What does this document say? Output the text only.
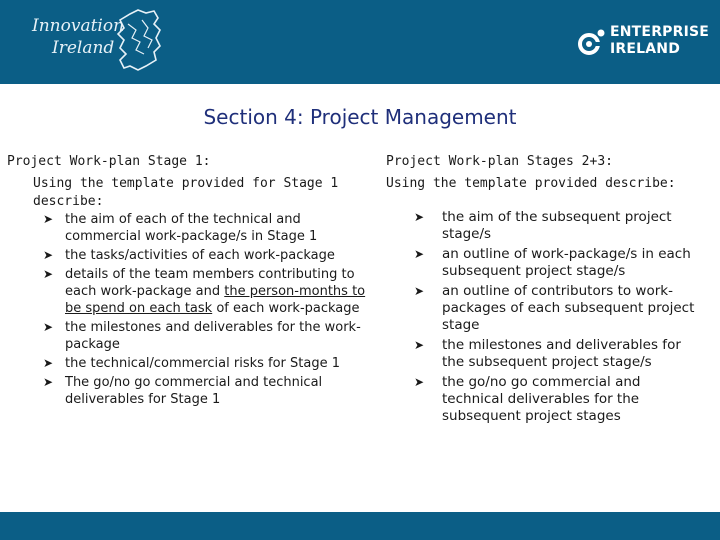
Innovation
Ireland
ENTERPRISE
IRELAND
Section 4: Project Management
Project Work-plan Stage 1:
Using the template provided for Stage 1 describe:
➤ the aim of each of the technical and commercial work-package/s in Stage 1
➤ the tasks/activities of each work-package
➤ details of the team members contributing to each work-package and the person-months to be spend on each task of each work-package
➤ the milestones and deliverables for the work-package
➤ the technical/commercial risks for Stage 1
➤ The go/no go commercial and technical deliverables for Stage 1
Project Work-plan Stages 2+3:
Using the template provided describe:
➤ the aim of the subsequent project stage/s
➤ an outline of work-package/s in each subsequent project stage/s
➤ an outline of contributors to work-packages of each subsequent project stage
➤ the milestones and deliverables for the subsequent project stage/s
➤ the go/no go commercial and technical deliverables for the subsequent project stages
